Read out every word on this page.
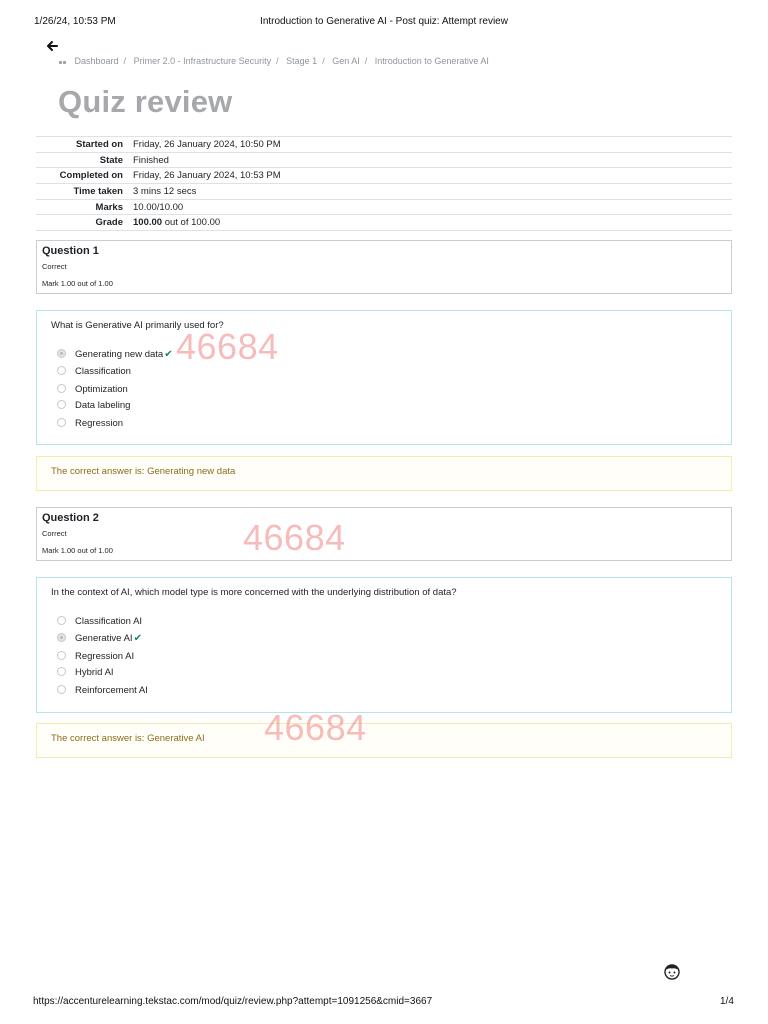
1/26/24, 10:53 PM	Introduction to Generative AI - Post quiz: Attempt review
Dashboard / Primer 2.0 - Infrastructure Security / Stage 1 / Gen AI / Introduction to Generative AI
Quiz review
Started on	Friday, 26 January 2024, 10:50 PM
State	Finished
Completed on	Friday, 26 January 2024, 10:53 PM
Time taken	3 mins 12 secs
Marks	10.00/10.00
Grade	100.00 out of 100.00
Question 1
Correct
Mark 1.00 out of 1.00
What is Generative AI primarily used for?
Generating new data✔
Classification
Optimization
Data labeling
Regression
The correct answer is: Generating new data
Question 2
Correct
Mark 1.00 out of 1.00
In the context of AI, which model type is more concerned with the underlying distribution of data?
Classification AI
Generative AI✔
Regression AI
Hybrid AI
Reinforcement AI
The correct answer is: Generative AI
46684
46684
46684
https://accenturelearning.tekstac.com/mod/quiz/review.php?attempt=1091256&cmid=3667	1/4
